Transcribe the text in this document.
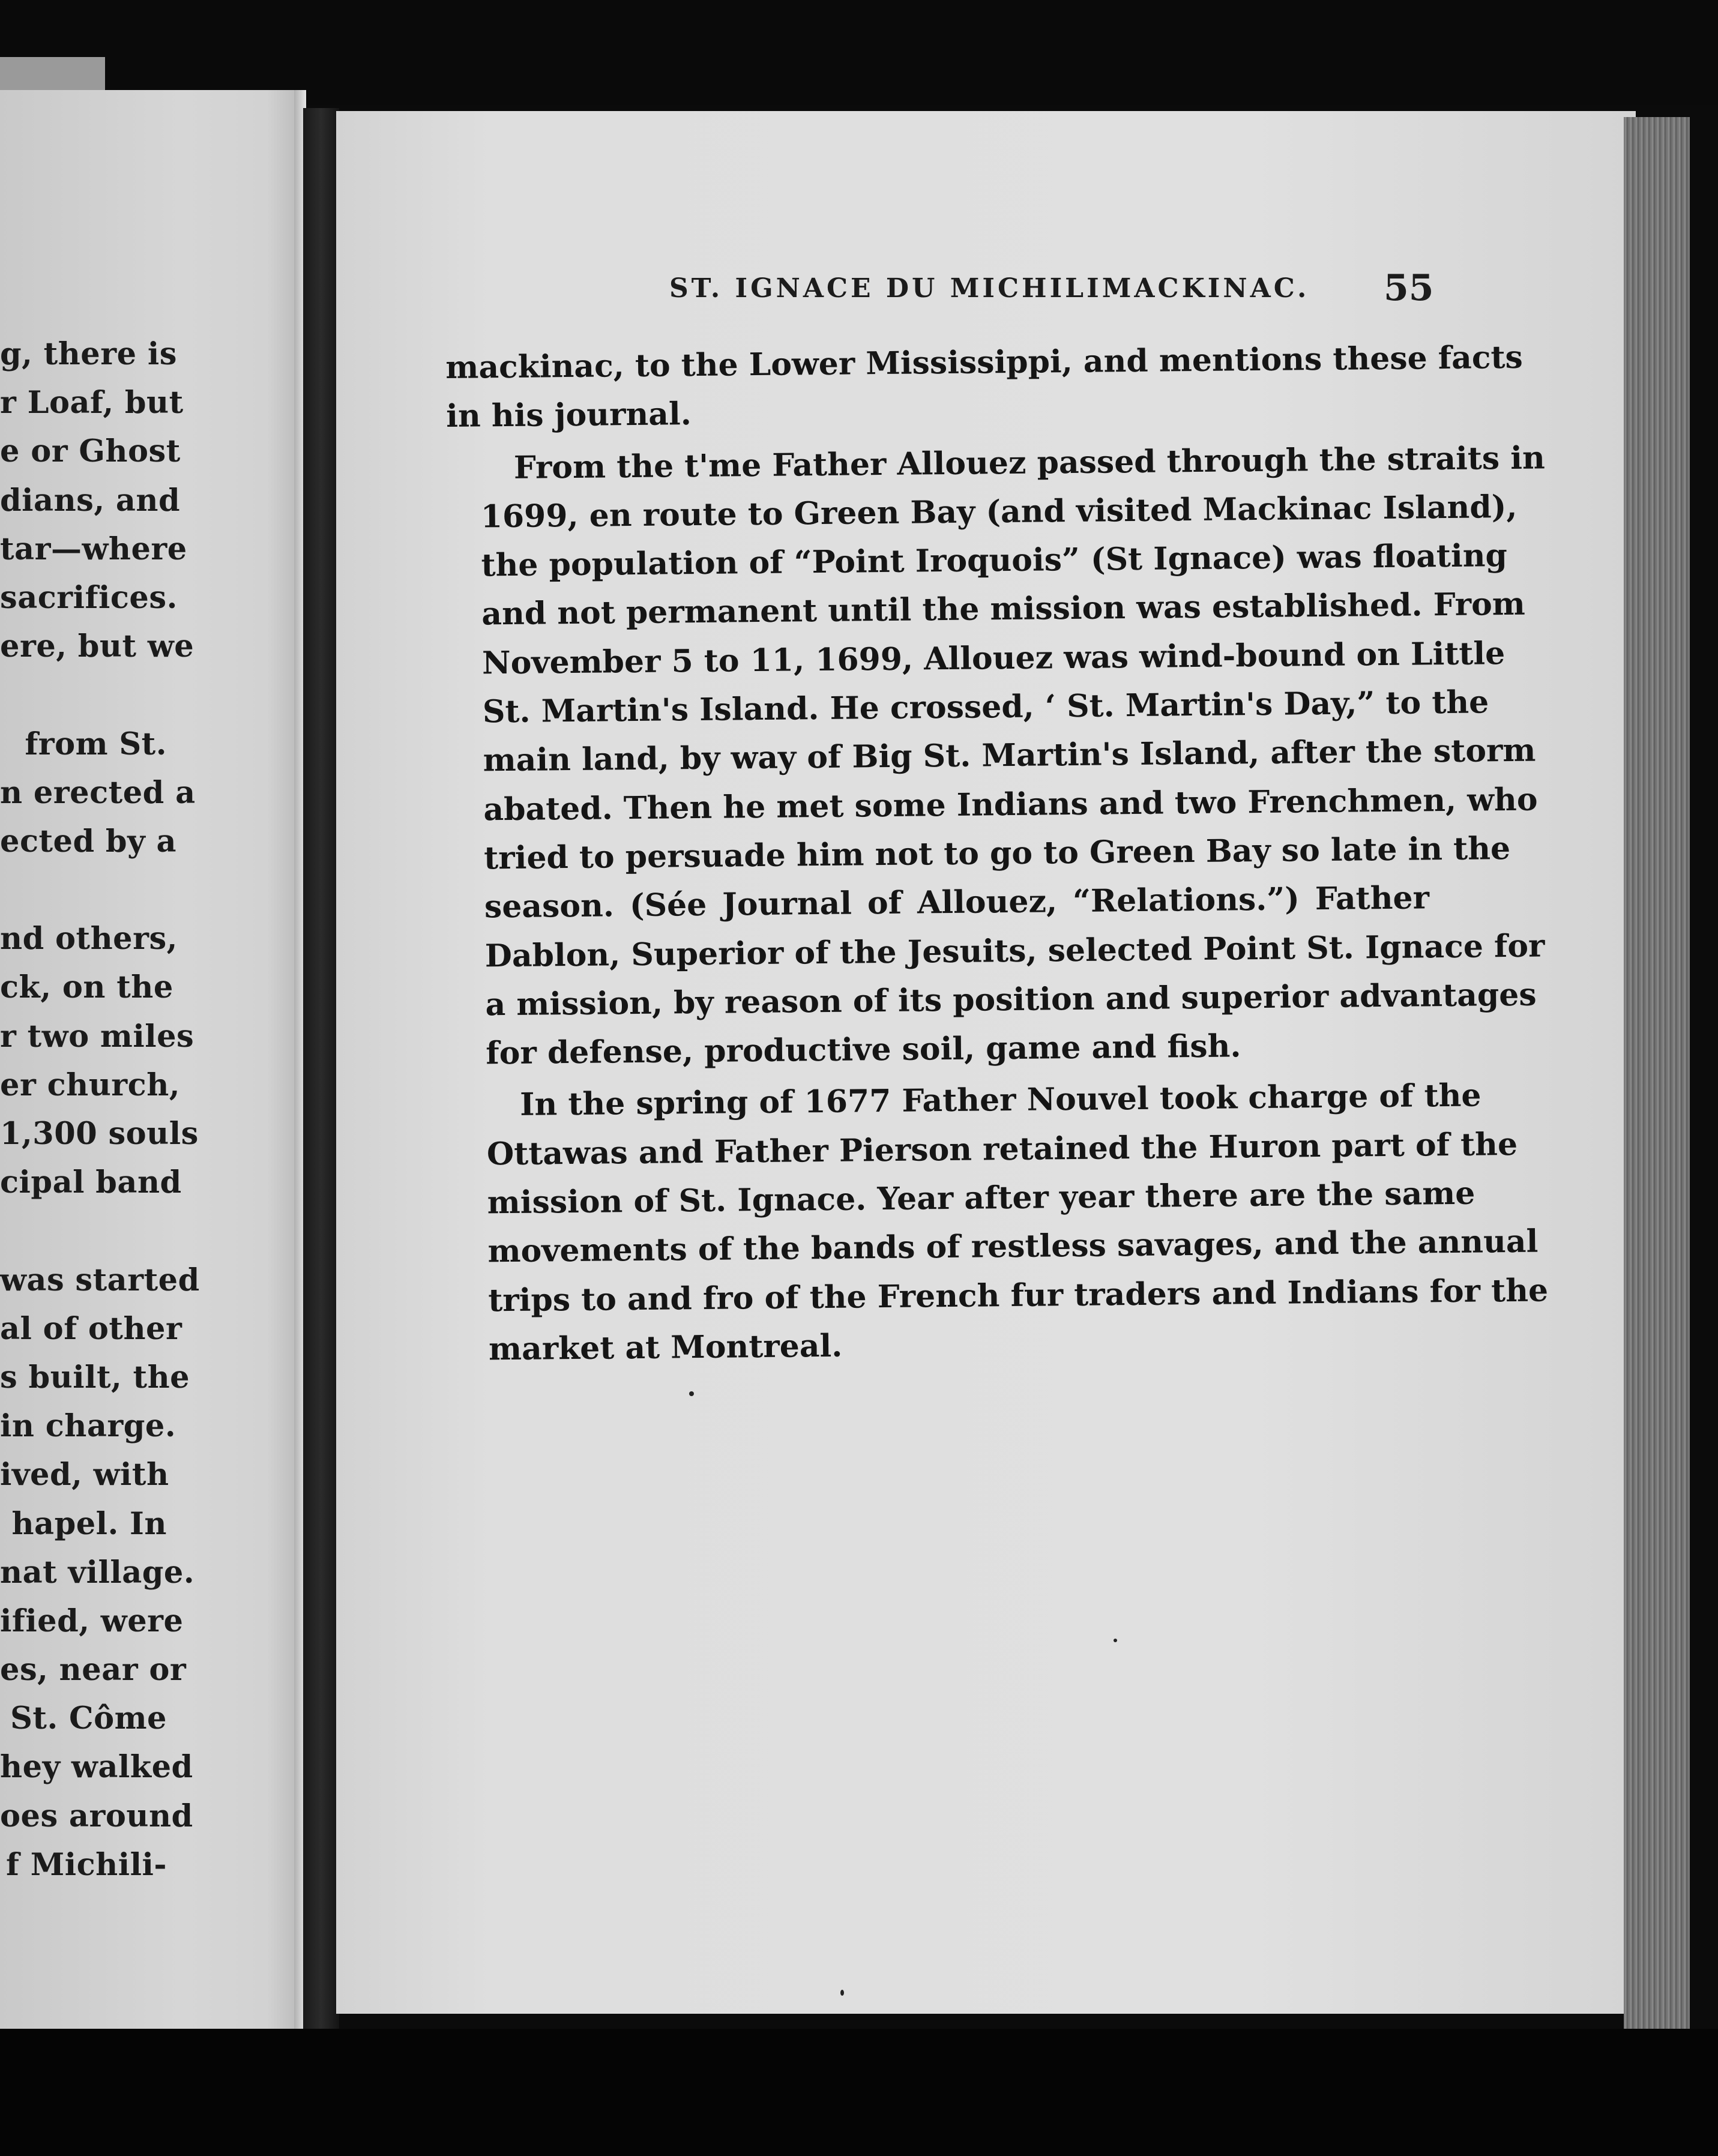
g, there is
r Loaf, but
e or Ghost
dians, and
tar—where
sacrifices.
ere, but we

from St.
n erected a
ected by a

nd others,
ck, on the
r two miles
er church,
1,300 souls
cipal band

was started
al of other
s built, the
in charge.
ived, with
hapel. In
nat village.
ified, were
es, near or
St. Côme
hey walked
oes around
f Michili-
ST. IGNACE DU MICHILIMACKINAC. 55
mackinac, to the Lower Mississippi, and mentions these facts
in his journal.
From the t'me Father Allouez passed through the straits in
1699, en route to Green Bay (and visited Mackinac Island),
the population of “Point Iroquois” (St Ignace) was floating
and not permanent until the mission was established. From
November 5 to 11, 1699, Allouez was wind-bound on Little
St. Martin's Island. He crossed, ‘ St. Martin's Day,” to the
main land, by way of Big St. Martin's Island, after the storm
abated. Then he met some Indians and two Frenchmen, who
tried to persuade him not to go to Green Bay so late in the
season. (Sée Journal of Allouez, “Relations.”) Father
Dablon, Superior of the Jesuits, selected Point St. Ignace for
a mission, by reason of its position and superior advantages
for defense, productive soil, game and fish.
In the spring of 1677 Father Nouvel took charge of the
Ottawas and Father Pierson retained the Huron part of the
mission of St. Ignace. Year after year there are the same
movements of the bands of restless savages, and the annual
trips to and fro of the French fur traders and Indians for the
market at Montreal.
